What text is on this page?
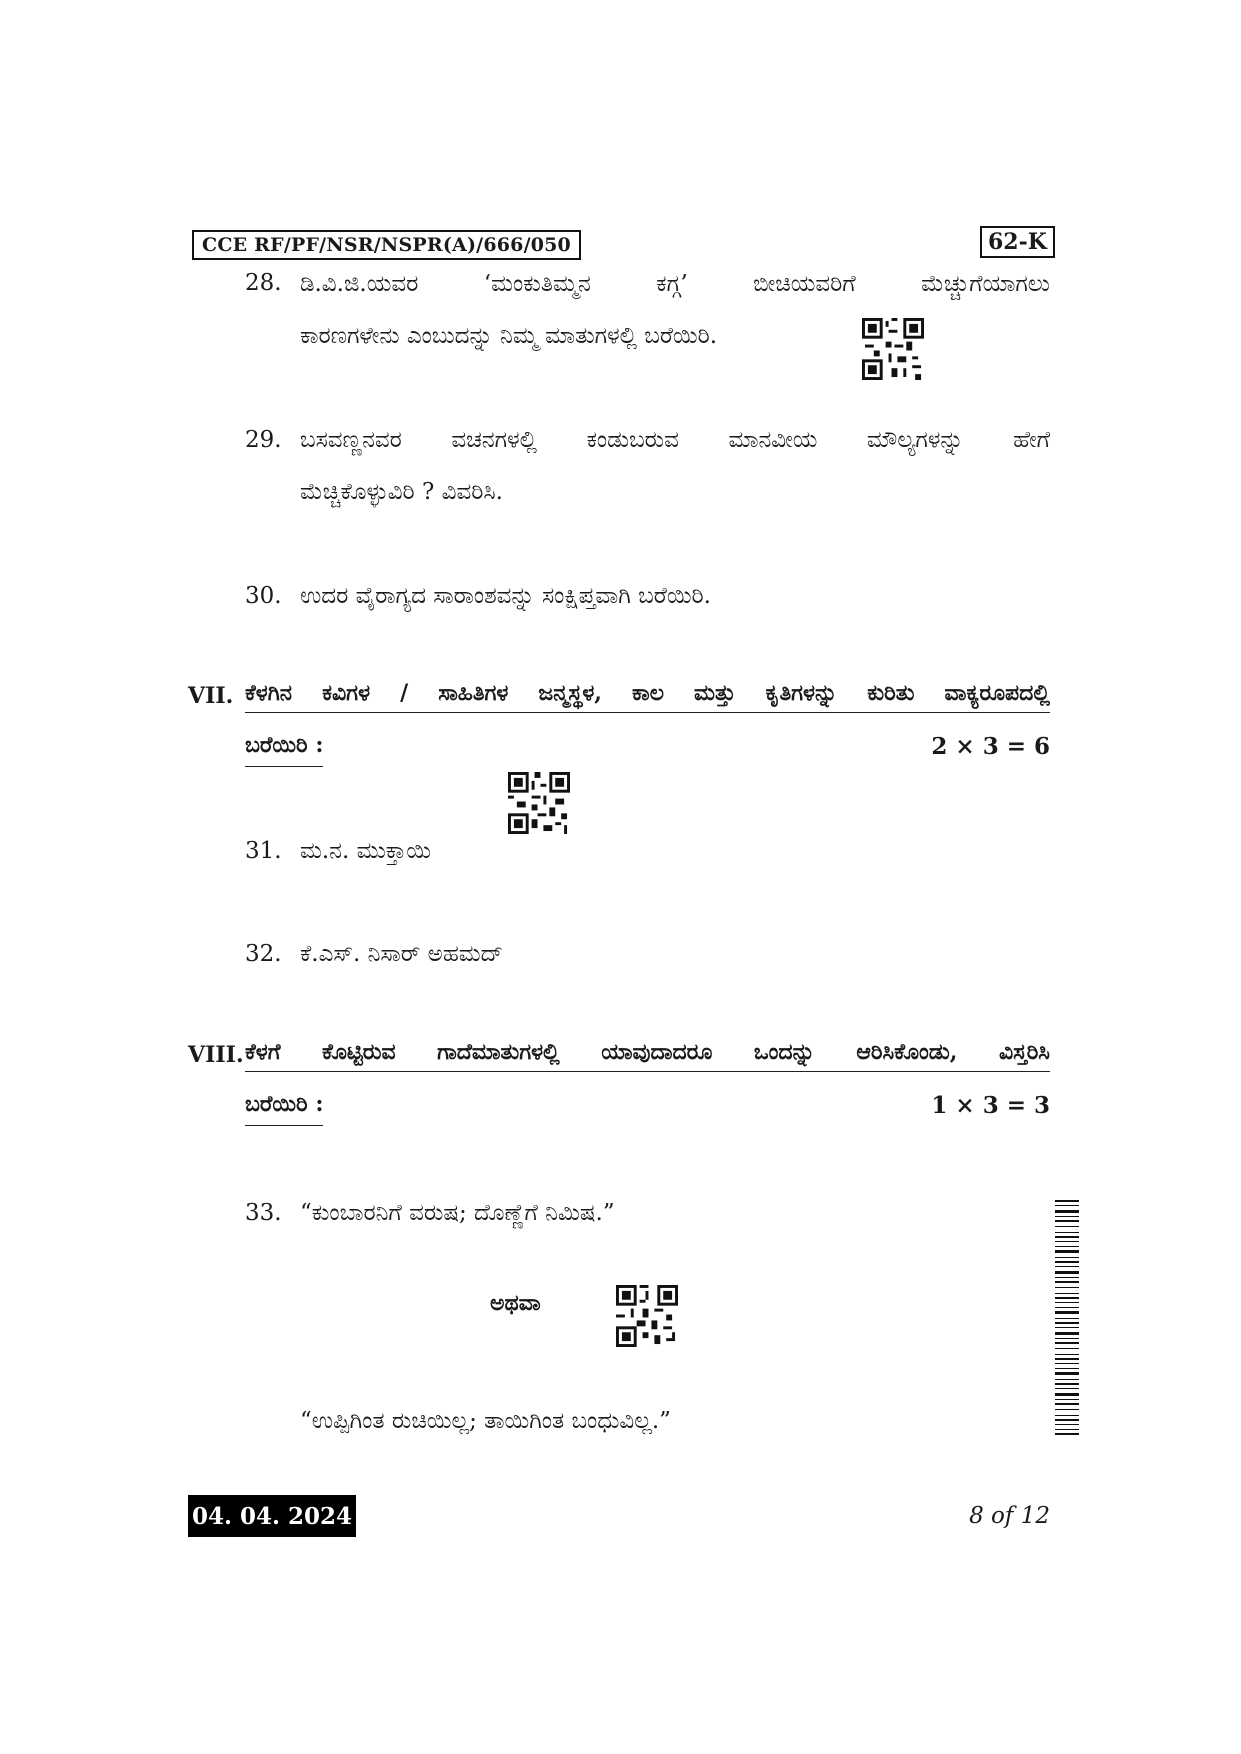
CCE RF/PF/NSR/NSPR(A)/666/050	62-K
28. ಡಿ.ವಿ.ಜಿ.ಯವರ ‘ಮಂಕುತಿಮ್ಮನ ಕಗ್ಗ’ ಬೀಚಿಯವರಿಗೆ ಮೆಚ್ಚುಗೆಯಾಗಲು
ಕಾರಣಗಳೇನು ಎಂಬುದನ್ನು ನಿಮ್ಮ ಮಾತುಗಳಲ್ಲಿ ಬರೆಯಿರಿ.
29. ಬಸವಣ್ಣನವರ ವಚನಗಳಲ್ಲಿ ಕಂಡುಬರುವ ಮಾನವೀಯ ಮೌಲ್ಯಗಳನ್ನು ಹೇಗೆ
ಮೆಚ್ಚಿಕೊಳ್ಳುವಿರಿ ? ವಿವರಿಸಿ.
30. ಉದರ ವೈರಾಗ್ಯದ ಸಾರಾಂಶವನ್ನು ಸಂಕ್ಷಿಪ್ತವಾಗಿ ಬರೆಯಿರಿ.
VII. ಕೆಳಗಿನ ಕವಿಗಳ / ಸಾಹಿತಿಗಳ ಜನ್ಮಸ್ಥಳ, ಕಾಲ ಮತ್ತು ಕೃತಿಗಳನ್ನು ಕುರಿತು ವಾಕ್ಯರೂಪದಲ್ಲಿ
ಬರೆಯಿರಿ :	2 × 3 = 6
31. ಮ.ನ. ಮುಕ್ತಾಯಿ
32. ಕೆ.ಎಸ್. ನಿಸಾರ್ ಅಹಮದ್
VIII. ಕೆಳಗೆ ಕೊಟ್ಟಿರುವ ಗಾದೆಮಾತುಗಳಲ್ಲಿ ಯಾವುದಾದರೂ ಒಂದನ್ನು ಆರಿಸಿಕೊಂಡು, ವಿಸ್ತರಿಸಿ
ಬರೆಯಿರಿ :	1 × 3 = 3
33. “ಕುಂಬಾರನಿಗೆ ವರುಷ; ದೊಣ್ಣೆಗೆ ನಿಮಿಷ.”
ಅಥವಾ
“ಉಪ್ಪಿಗಿಂತ ರುಚಿಯಿಲ್ಲ; ತಾಯಿಗಿಂತ ಬಂಧುವಿಲ್ಲ.”
04. 04. 2024	8 of 12
